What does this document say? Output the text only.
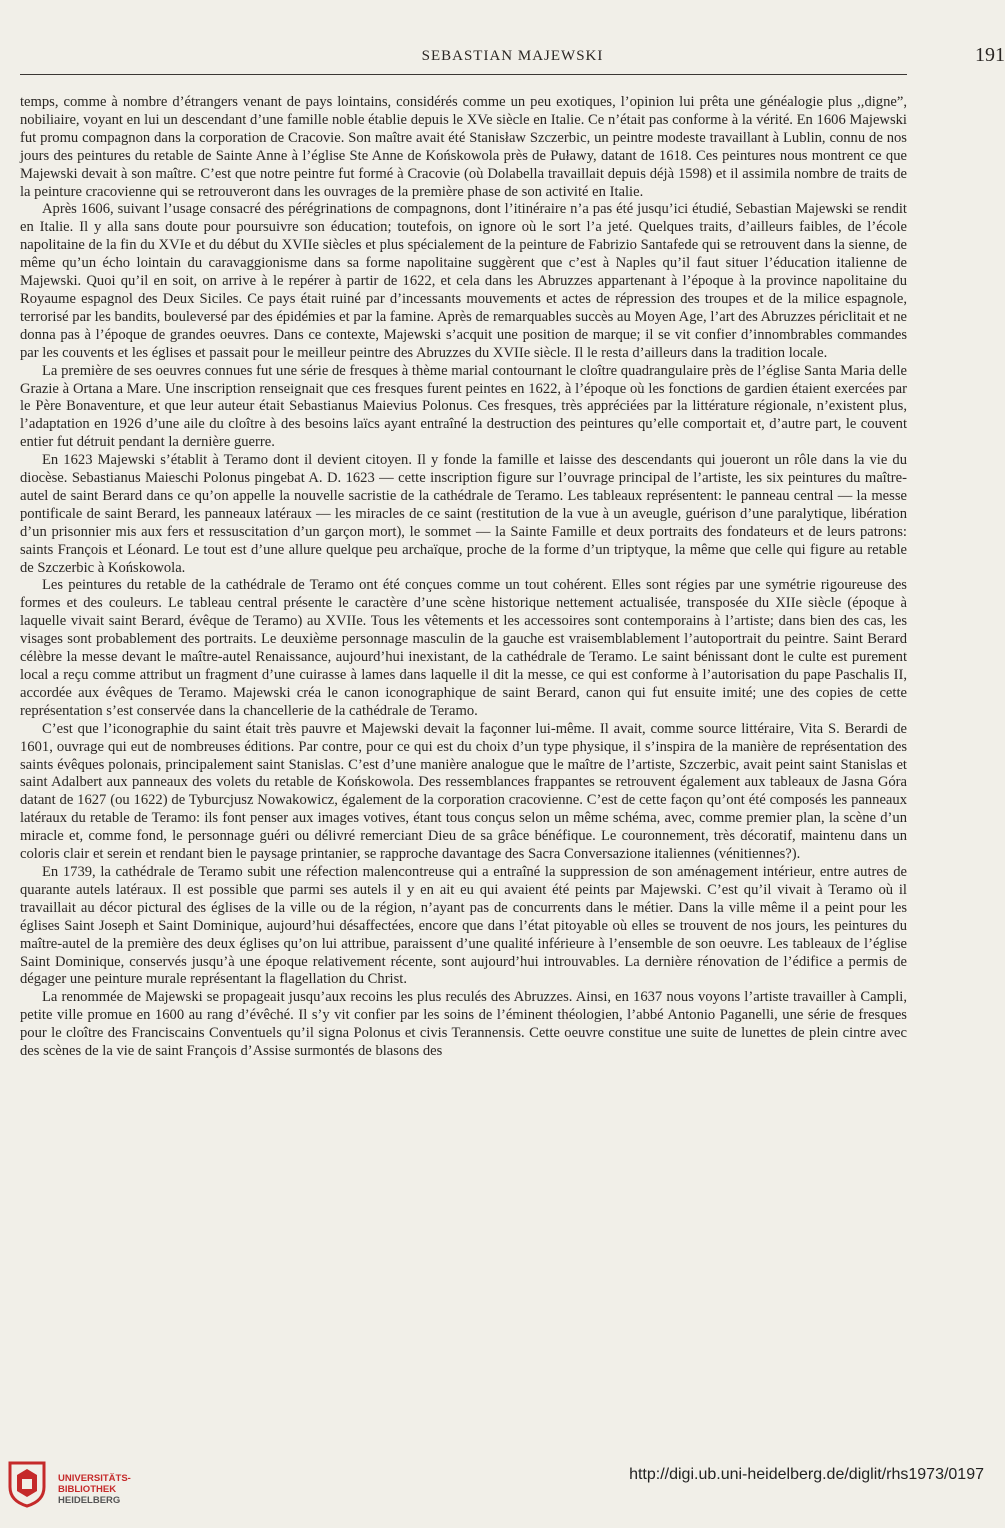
SEBASTIAN MAJEWSKI	191

temps, comme à nombre d’étrangers venant de pays lointains, considérés comme un peu exotiques, l’opinion lui prêta une généalogie plus ,,digne”, nobiliaire, voyant en lui un descendant d’une famille noble établie depuis le XVe siècle en Italie. Ce n’était pas conforme à la vérité. En 1606 Majewski fut promu compagnon dans la corporation de Cracovie. Son maître avait été Stanisław Szczerbic, un peintre modeste travaillant à Lublin, connu de nos jours des peintures du retable de Sainte Anne à l’église Ste Anne de Końskowola près de Puławy, datant de 1618. Ces peintures nous montrent ce que Majewski devait à son maître. C’est que notre peintre fut formé à Cracovie (où Dolabella travaillait depuis déjà 1598) et il assimila nombre de traits de la peinture cracovienne qui se retrouveront dans les ouvrages de la première phase de son activité en Italie.

Après 1606, suivant l’usage consacré des pérégrinations de compagnons, dont l’itinéraire n’a pas été jusqu’ici étudié, Sebastian Majewski se rendit en Italie. Il y alla sans doute pour poursuivre son éducation; toutefois, on ignore où le sort l’a jeté. Quelques traits, d’ailleurs faibles, de l’école napolitaine de la fin du XVIe et du début du XVIIe siècles et plus spécialement de la peinture de Fabrizio Santafede qui se retrouvent dans la sienne, de même qu’un écho lointain du caravaggionisme dans sa forme napolitaine suggèrent que c’est à Naples qu’il faut situer l’éducation italienne de Majewski. Quoi qu’il en soit, on arrive à le repérer à partir de 1622, et cela dans les Abruzzes appartenant à l’époque à la province napolitaine du Royaume espagnol des Deux Siciles. Ce pays était ruiné par d’incessants mouvements et actes de répression des troupes et de la milice espagnole, terrorisé par les bandits, bouleversé par des épidémies et par la famine. Après de remarquables succès au Moyen Age, l’art des Abruzzes périclitait et ne donna pas à l’époque de grandes oeuvres. Dans ce contexte, Majewski s’acquit une position de marque; il se vit confier d’innombrables commandes par les couvents et les églises et passait pour le meilleur peintre des Abruzzes du XVIIe siècle. Il le resta d’ailleurs dans la tradition locale.

La première de ses oeuvres connues fut une série de fresques à thème marial contournant le cloître quadrangulaire près de l’église Santa Maria delle Grazie à Ortana a Mare. Une inscription renseignait que ces fresques furent peintes en 1622, à l’époque où les fonctions de gardien étaient exercées par le Père Bonaventure, et que leur auteur était Sebastianus Maievius Polonus. Ces fresques, très appréciées par la littérature régionale, n’existent plus, l’adaptation en 1926 d’une aile du cloître à des besoins laïcs ayant entraîné la destruction des peintures qu’elle comportait et, d’autre part, le couvent entier fut détruit pendant la dernière guerre.

En 1623 Majewski s’établit à Teramo dont il devient citoyen. Il y fonde la famille et laisse des descendants qui joueront un rôle dans la vie du diocèse. Sebastianus Maieschi Polonus pingebat A. D. 1623 — cette inscription figure sur l’ouvrage principal de l’artiste, les six peintures du maître-autel de saint Berard dans ce qu’on appelle la nouvelle sacristie de la cathédrale de Teramo. Les tableaux représentent: le panneau central — la messe pontificale de saint Berard, les panneaux latéraux — les miracles de ce saint (restitution de la vue à un aveugle, guérison d’une paralytique, libération d’un prisonnier mis aux fers et ressuscitation d’un garçon mort), le sommet — la Sainte Famille et deux portraits des fondateurs et de leurs patrons: saints François et Léonard. Le tout est d’une allure quelque peu archaïque, proche de la forme d’un triptyque, la même que celle qui figure au retable de Szczerbic à Końskowola.

Les peintures du retable de la cathédrale de Teramo ont été conçues comme un tout cohérent. Elles sont régies par une symétrie rigoureuse des formes et des couleurs. Le tableau central présente le caractère d’une scène historique nettement actualisée, transposée du XIIe siècle (époque à laquelle vivait saint Berard, évêque de Teramo) au XVIIe. Tous les vêtements et les accessoires sont contemporains à l’artiste; dans bien des cas, les visages sont probablement des portraits. Le deuxième personnage masculin de la gauche est vraisemblablement l’autoportrait du peintre. Saint Berard célèbre la messe devant le maître-autel Renaissance, aujourd’hui inexistant, de la cathédrale de Teramo. Le saint bénissant dont le culte est purement local a reçu comme attribut un fragment d’une cuirasse à lames dans laquelle il dit la messe, ce qui est conforme à l’autorisation du pape Paschalis II, accordée aux évêques de Teramo. Majewski créa le canon iconographique de saint Berard, canon qui fut ensuite imité; une des copies de cette représentation s’est conservée dans la chancellerie de la cathédrale de Teramo.

C’est que l’iconographie du saint était très pauvre et Majewski devait la façonner lui-même. Il avait, comme source littéraire, Vita S. Berardi de 1601, ouvrage qui eut de nombreuses éditions. Par contre, pour ce qui est du choix d’un type physique, il s’inspira de la manière de représentation des saints évêques polonais, principalement saint Stanislas. C’est d’une manière analogue que le maître de l’artiste, Szczerbic, avait peint saint Stanislas et saint Adalbert aux panneaux des volets du retable de Końskowola. Des ressemblances frappantes se retrouvent également aux tableaux de Jasna Góra datant de 1627 (ou 1622) de Tyburcjusz Nowakowicz, également de la corporation cracovienne. C’est de cette façon qu’ont été composés les panneaux latéraux du retable de Teramo: ils font penser aux images votives, étant tous conçus selon un même schéma, avec, comme premier plan, la scène d’un miracle et, comme fond, le personnage guéri ou délivré remerciant Dieu de sa grâce bénéfique. Le couronnement, très décoratif, maintenu dans un coloris clair et serein et rendant bien le paysage printanier, se rapproche davantage des Sacra Conversazione italiennes (vénitiennes?).

En 1739, la cathédrale de Teramo subit une réfection malencontreuse qui a entraîné la suppression de son aménagement intérieur, entre autres de quarante autels latéraux. Il est possible que parmi ses autels il y en ait eu qui avaient été peints par Majewski. C’est qu’il vivait à Teramo où il travaillait au décor pictural des églises de la ville ou de la région, n’ayant pas de concurrents dans le métier. Dans la ville même il a peint pour les églises Saint Joseph et Saint Dominique, aujourd’hui désaffectées, encore que dans l’état pitoyable où elles se trouvent de nos jours, les peintures du maître-autel de la première des deux églises qu’on lui attribue, paraissent d’une qualité inférieure à l’ensemble de son oeuvre. Les tableaux de l’église Saint Dominique, conservés jusqu’à une époque relativement récente, sont aujourd’hui introuvables. La dernière rénovation de l’édifice a permis de dégager une peinture murale représentant la flagellation du Christ.

La renommée de Majewski se propageait jusqu’aux recoins les plus reculés des Abruzzes. Ainsi, en 1637 nous voyons l’artiste travailler à Campli, petite ville promue en 1600 au rang d’évêché. Il s’y vit confier par les soins de l’éminent théologien, l’abbé Antonio Paganelli, une série de fresques pour le cloître des Franciscains Conventuels qu’il signa Polonus et civis Terannensis. Cette oeuvre constitue une suite de lunettes de plein cintre avec des scènes de la vie de saint François d’Assise surmontés de blasons des

UNIVERSITÄTS-
BIBLIOTHEK
HEIDELBERG
http://digi.ub.uni-heidelberg.de/diglit/rhs1973/0197
